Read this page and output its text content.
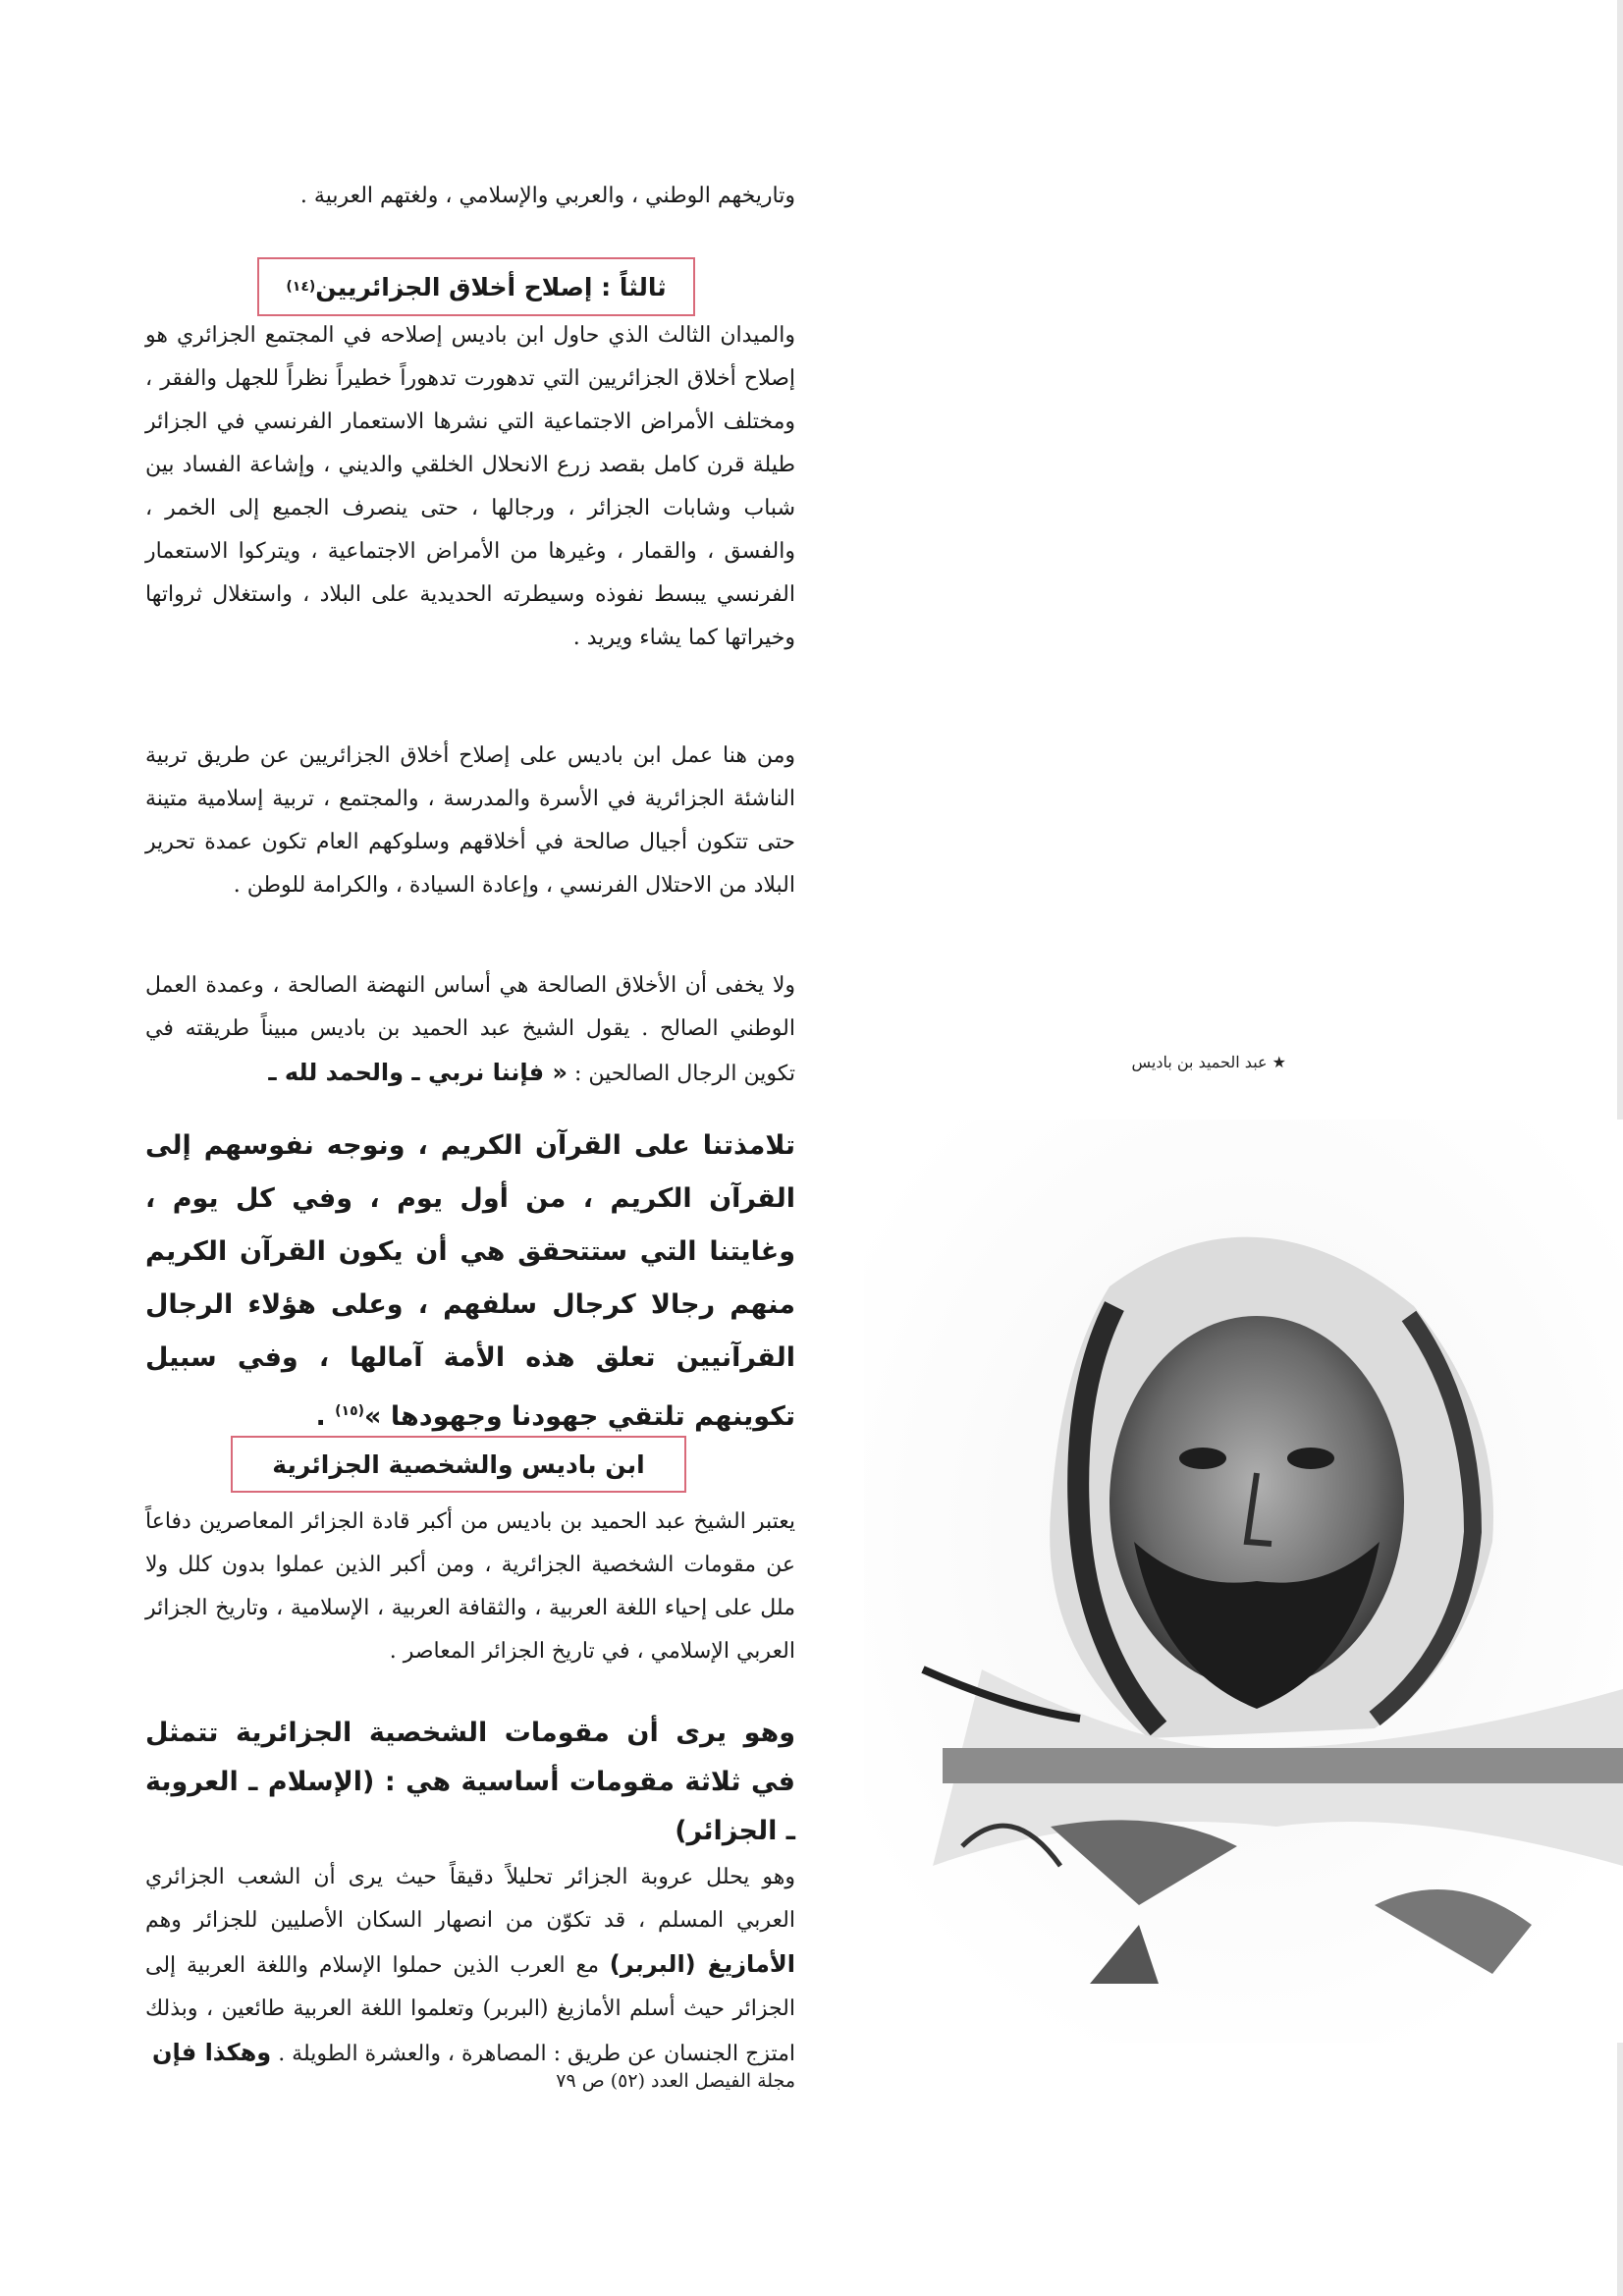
وتاريخهم الوطني ، والعربي والإسلامي ، ولغتهم العربية .

ثالثاً : إصلاح أخلاق الجزائريين
(١٤)

والميدان الثالث الذي حاول ابن باديس إصلاحه في المجتمع الجزائري هو إصلاح أخلاق الجزائريين التي تدهورت تدهوراً خطيراً نظراً للجهل والفقر ، ومختلف الأمراض الاجتماعية التي نشرها الاستعمار الفرنسي في الجزائر طيلة قرن كامل بقصد زرع الانحلال الخلقي والديني ، وإشاعة الفساد بين شباب وشابات الجزائر ، ورجالها ، حتى ينصرف الجميع إلى الخمر ، والفسق ، والقمار ، وغيرها من الأمراض الاجتماعية ، ويتركوا الاستعمار الفرنسي يبسط نفوذه وسيطرته الحديدية على البلاد ، واستغلال ثرواتها وخيراتها كما يشاء ويريد .

ومن هنا عمل ابن باديس على إصلاح أخلاق الجزائريين عن طريق تربية الناشئة الجزائرية في الأسرة والمدرسة ، والمجتمع ، تربية إسلامية متينة حتى تتكون أجيال صالحة في أخلاقهم وسلوكهم العام تكون عمدة تحرير البلاد من الاحتلال الفرنسي ، وإعادة السيادة ، والكرامة للوطن .

ولا يخفى أن الأخلاق الصالحة هي أساس النهضة الصالحة ، وعمدة العمل الوطني الصالح . يقول الشيخ عبد الحميد بن باديس مبيناً طريقته في تكوين الرجال الصالحين : « فإننا نربي ـ والحمد لله ـ

تلامذتنا على القرآن الكريم ، ونوجه نفوسهم إلى القرآن الكريم ، من أول يوم ، وفي كل يوم ، وغايتنا التي ستتحقق هي أن يكون القرآن الكريم منهم رجالا كرجال سلفهم ، وعلى هؤلاء الرجال القرآنيين تعلق هذه الأمة آمالها ، وفي سبيل تكوينهم تلتقي جهودنا وجهودها »$^{(١٥)}$ .

ابن باديس والشخصية الجزائرية

يعتبر الشيخ عبد الحميد بن باديس من أكبر قادة الجزائر المعاصرين دفاعاً عن مقومات الشخصية الجزائرية ، ومن أكبر الذين عملوا بدون كلل ولا ملل على إحياء اللغة العربية ، والثقافة العربية ، الإسلامية ، وتاريخ الجزائر العربي الإسلامي ، في تاريخ الجزائر المعاصر .

وهو يرى أن مقومات الشخصية الجزائرية تتمثل في ثلاثة مقومات أساسية هي : (الإسلام ـ العروبة ـ الجزائر)

وهو يحلل عروبة الجزائر تحليلاً دقيقاً حيث يرى أن الشعب الجزائري العربي المسلم ، قد تكوّن من انصهار السكان الأصليين للجزائر وهم الأمازيغ (البربر) مع العرب الذين حملوا الإسلام واللغة العربية إلى الجزائر حيث أسلم الأمازيغ (البربر) وتعلموا اللغة العربية طائعين ، وبذلك امتزج الجنسان عن طريق : المصاهرة ، والعشرة الطويلة . وهكذا فإن

★ عبد الحميد بن باديس
مجلة الفيصل العدد (٥٢) ص ٧٩
